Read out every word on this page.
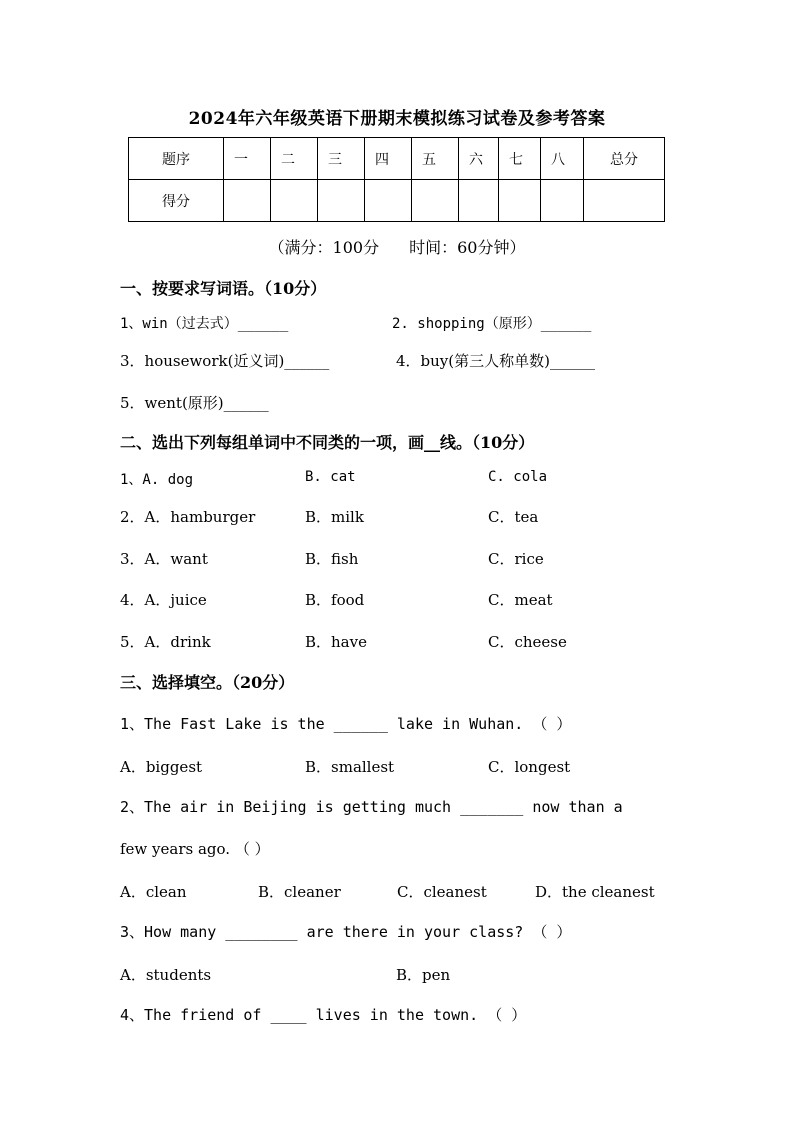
2024年六年级英语下册期末模拟练习试卷及参考答案
题序	一	二	三	四	五	六	七	八	总分
得分									
（满分：100分 时间：60分钟）
一、按要求写词语。（10分）
1、win（过去式）______	2. shopping（原形）______
3．housework(近义词)______	4．buy(第三人称单数)______
5．went(原形)______
二、选出下列每组单词中不同类的一项，画__线。（10分）
1、A. dog	B. cat	C. cola
2．A．hamburger	B．milk	C．tea
3．A．want	B．fish	C．rice
4．A．juice	B．food	C．meat
5．A．drink	B．have	C．cheese
三、选择填空。（20分）
1、The Fast Lake is the ______ lake in Wuhan. （ ）
A．biggest	B．smallest	C．longest
2、The air in Beijing is getting much _______ now than a
few years ago. （ ）
A．clean	B．cleaner	C．cleanest	D．the cleanest
3、How many ________ are there in your class? （ ）
A．students	B．pen
4、The friend of ____ lives in the town. （ ）
